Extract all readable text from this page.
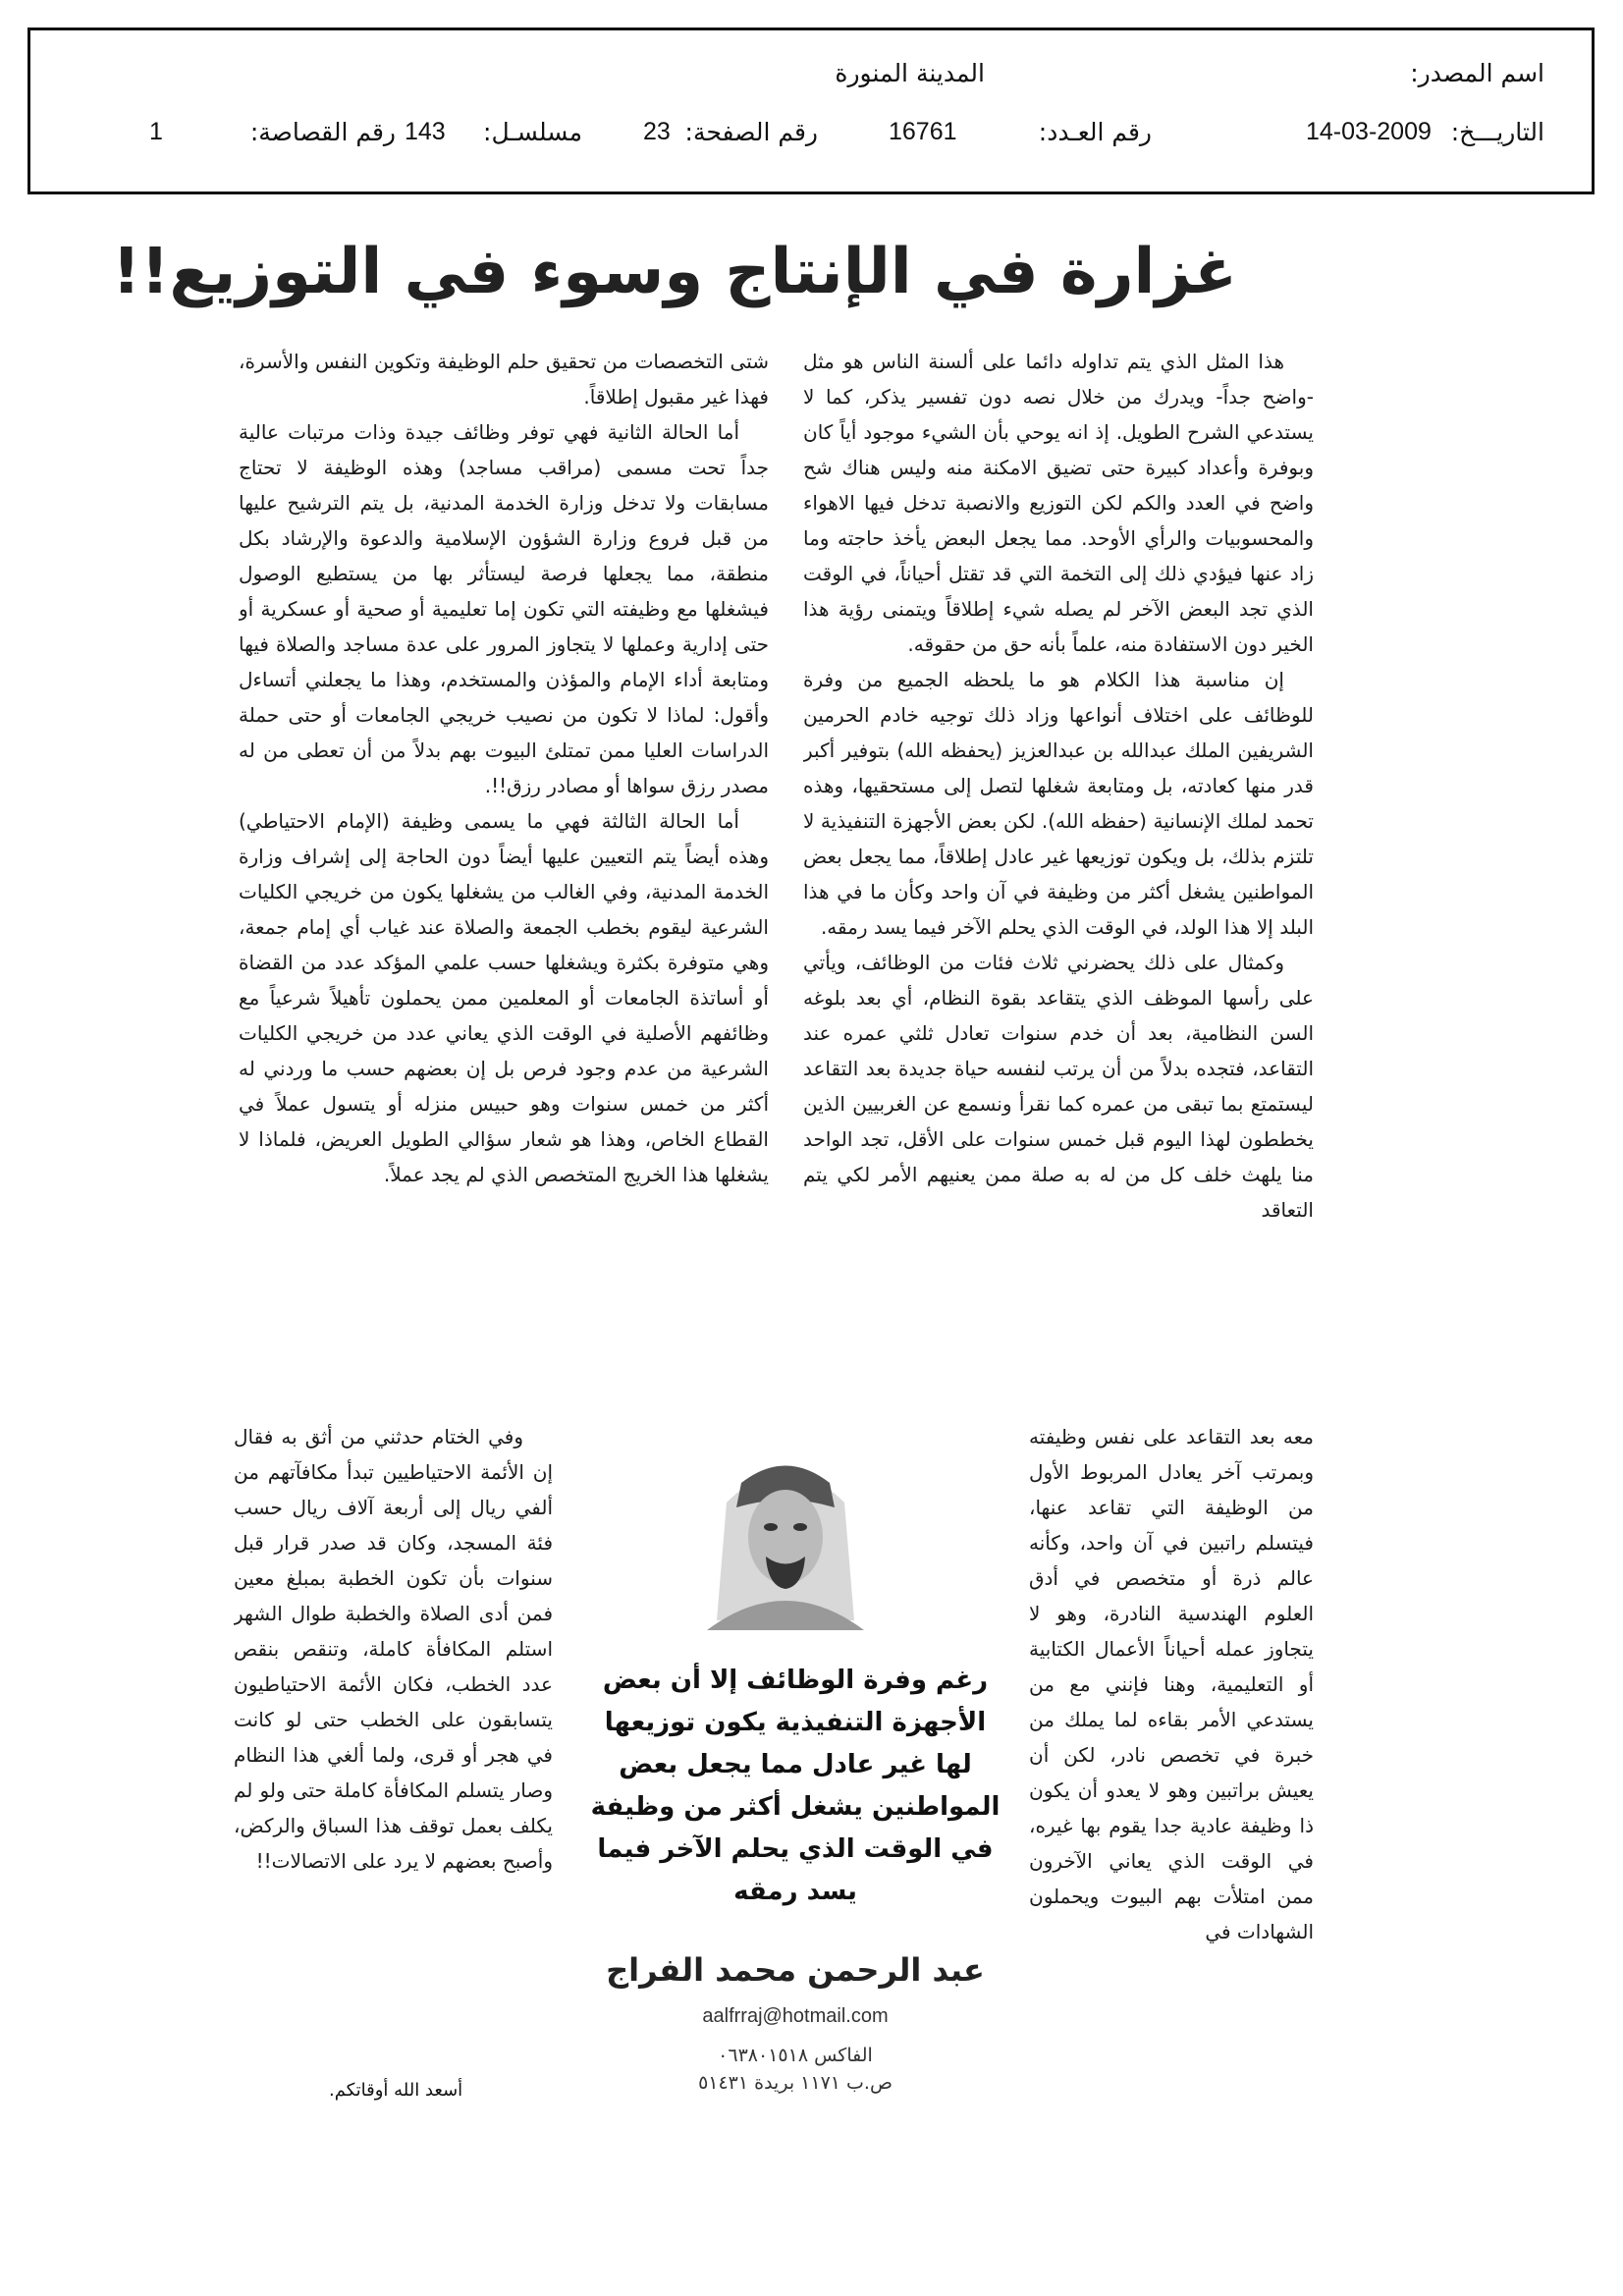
اسم المصدر:
المدينة المنورة
التاريـــخ:
14-03-2009
رقم العـدد:
16761
رقم الصفحة:
23
مسلسـل:
143
رقم القصاصة:
1
غزارة في الإنتاج وسوء في التوزيع!!

هذا المثل الذي يتم تداوله دائما على ألسنة الناس هو مثل -واضح جداً- ويدرك من خلال نصه دون تفسير يذكر، كما لا يستدعي الشرح الطويل. إذ انه يوحي بأن الشيء موجود أياً كان وبوفرة وأعداد كبيرة حتى تضيق الامكنة منه وليس هناك شح واضح في العدد والكم لكن التوزيع والانصبة تدخل فيها الاهواء والمحسوبيات والرأي الأوحد. مما يجعل البعض يأخذ حاجته وما زاد عنها فيؤدي ذلك إلى التخمة التي قد تقتل أحياناً، في الوقت الذي تجد البعض الآخر لم يصله شيء إطلاقاً ويتمنى رؤية هذا الخير دون الاستفادة منه، علماً بأنه حق من حقوقه.

إن مناسبة هذا الكلام هو ما يلحظه الجميع من وفرة للوظائف على اختلاف أنواعها وزاد ذلك توجيه خادم الحرمين الشريفين الملك عبدالله بن عبدالعزيز (يحفظه الله) بتوفير أكبر قدر منها كعادته، بل ومتابعة شغلها لتصل إلى مستحقيها، وهذه تحمد لملك الإنسانية (حفظه الله). لكن بعض الأجهزة التنفيذية لا تلتزم بذلك، بل ويكون توزيعها غير عادل إطلاقاً، مما يجعل بعض المواطنين يشغل أكثر من وظيفة في آن واحد وكأن ما في هذا البلد إلا هذا الولد، في الوقت الذي يحلم الآخر فيما يسد رمقه.

وكمثال على ذلك يحضرني ثلاث فئات من الوظائف، ويأتي على رأسها الموظف الذي يتقاعد بقوة النظام، أي بعد بلوغه السن النظامية، بعد أن خدم سنوات تعادل ثلثي عمره عند التقاعد، فتجده بدلاً من أن يرتب لنفسه حياة جديدة بعد التقاعد ليستمتع بما تبقى من عمره كما نقرأ ونسمع عن الغربيين الذين يخططون لهذا اليوم قبل خمس سنوات على الأقل، تجد الواحد منا يلهث خلف كل من له به صلة ممن يعنيهم الأمر لكي يتم التعاقد

معه بعد التقاعد على نفس وظيفته وبمرتب آخر يعادل المربوط الأول من الوظيفة التي تقاعد عنها، فيتسلم راتبين في آن واحد، وكأنه عالم ذرة أو متخصص في أدق العلوم الهندسية النادرة، وهو لا يتجاوز عمله أحياناً الأعمال الكتابية أو التعليمية، وهنا فإنني مع من يستدعي الأمر بقاءه لما يملك من خبرة في تخصص نادر، لكن أن يعيش براتبين وهو لا يعدو أن يكون ذا وظيفة عادية جدا يقوم بها غيره، في الوقت الذي يعاني الآخرون ممن امتلأت بهم البيوت ويحملون الشهادات في

شتى التخصصات من تحقيق حلم الوظيفة وتكوين النفس والأسرة، فهذا غير مقبول إطلاقاً.

أما الحالة الثانية فهي توفر وظائف جيدة وذات مرتبات عالية جداً تحت مسمى (مراقب مساجد) وهذه الوظيفة لا تحتاج مسابقات ولا تدخل وزارة الخدمة المدنية، بل يتم الترشيح عليها من قبل فروع وزارة الشؤون الإسلامية والدعوة والإرشاد بكل منطقة، مما يجعلها فرصة ليستأثر بها من يستطيع الوصول فيشغلها مع وظيفته التي تكون إما تعليمية أو صحية أو عسكرية أو حتى إدارية وعملها لا يتجاوز المرور على عدة مساجد والصلاة فيها ومتابعة أداء الإمام والمؤذن والمستخدم، وهذا ما يجعلني أتساءل وأقول: لماذا لا تكون من نصيب خريجي الجامعات أو حتى حملة الدراسات العليا ممن تمتلئ البيوت بهم بدلاً من أن تعطى من له مصدر رزق سواها أو مصادر رزق!!.

أما الحالة الثالثة فهي ما يسمى وظيفة (الإمام الاحتياطي) وهذه أيضاً يتم التعيين عليها أيضاً دون الحاجة إلى إشراف وزارة الخدمة المدنية، وفي الغالب من يشغلها يكون من خريجي الكليات الشرعية ليقوم بخطب الجمعة والصلاة عند غياب أي إمام جمعة، وهي متوفرة بكثرة ويشغلها حسب علمي المؤكد عدد من القضاة أو أساتذة الجامعات أو المعلمين ممن يحملون تأهيلاً شرعياً مع وظائفهم الأصلية في الوقت الذي يعاني عدد من خريجي الكليات الشرعية من عدم وجود فرص بل إن بعضهم حسب ما وردني له أكثر من خمس سنوات وهو حبيس منزله أو يتسول عملاً في القطاع الخاص، وهذا هو شعار سؤالي الطويل العريض، فلماذا لا يشغلها هذا الخريج المتخصص الذي لم يجد عملاً.

وفي الختام حدثني من أثق به فقال إن الأئمة الاحتياطيين تبدأ مكافآتهم من ألفي ريال إلى أربعة آلاف ريال حسب فئة المسجد، وكان قد صدر قرار قبل سنوات بأن تكون الخطبة بمبلغ معين فمن أدى الصلاة والخطبة طوال الشهر استلم المكافأة كاملة، وتنقص بنقص عدد الخطب، فكان الأئمة الاحتياطيون يتسابقون على الخطب حتى لو كانت في هجر أو قرى، ولما ألغي هذا النظام وصار يتسلم المكافأة كاملة حتى ولو لم يكلف بعمل توقف هذا السباق والركض، وأصبح بعضهم لا يرد على الاتصالات!!

أسعد الله أوقاتكم.
رغم وفرة الوظائف إلا أن بعض الأجهزة التنفيذية يكون توزيعها لها غير عادل مما يجعل بعض المواطنين يشغل أكثر من وظيفة في الوقت الذي يحلم الآخر فيما يسد رمقه
عبد الرحمن محمد الفراج
aalfrraj@hotmail.com
الفاكس ٠٦٣٨٠١٥١٨
ص.ب ١١٧١ بريدة ٥١٤٣١
